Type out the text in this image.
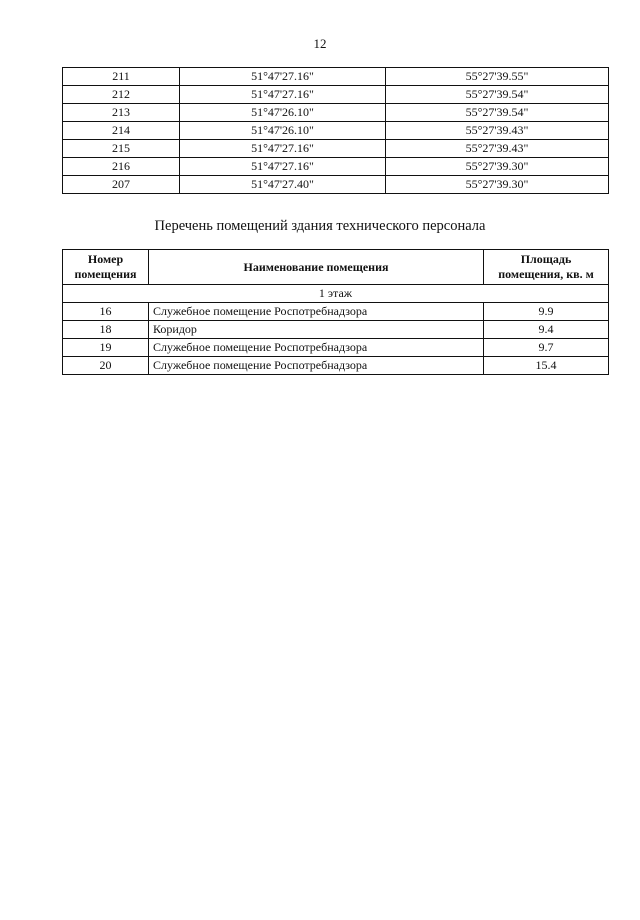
12
211	51°47'27.16"	55°27'39.55"
212	51°47'27.16"	55°27'39.54"
213	51°47'26.10"	55°27'39.54"
214	51°47'26.10"	55°27'39.43"
215	51°47'27.16"	55°27'39.43"
216	51°47'27.16"	55°27'39.30"
207	51°47'27.40"	55°27'39.30"
Перечень помещений здания технического персонала
Номер помещения	Наименование помещения	Площадь помещения, кв. м
1 этаж		
16	Служебное помещение Роспотребнадзора	9.9
18	Коридор	9.4
19	Служебное помещение Роспотребнадзора	9.7
20	Служебное помещение Роспотребнадзора	15.4
